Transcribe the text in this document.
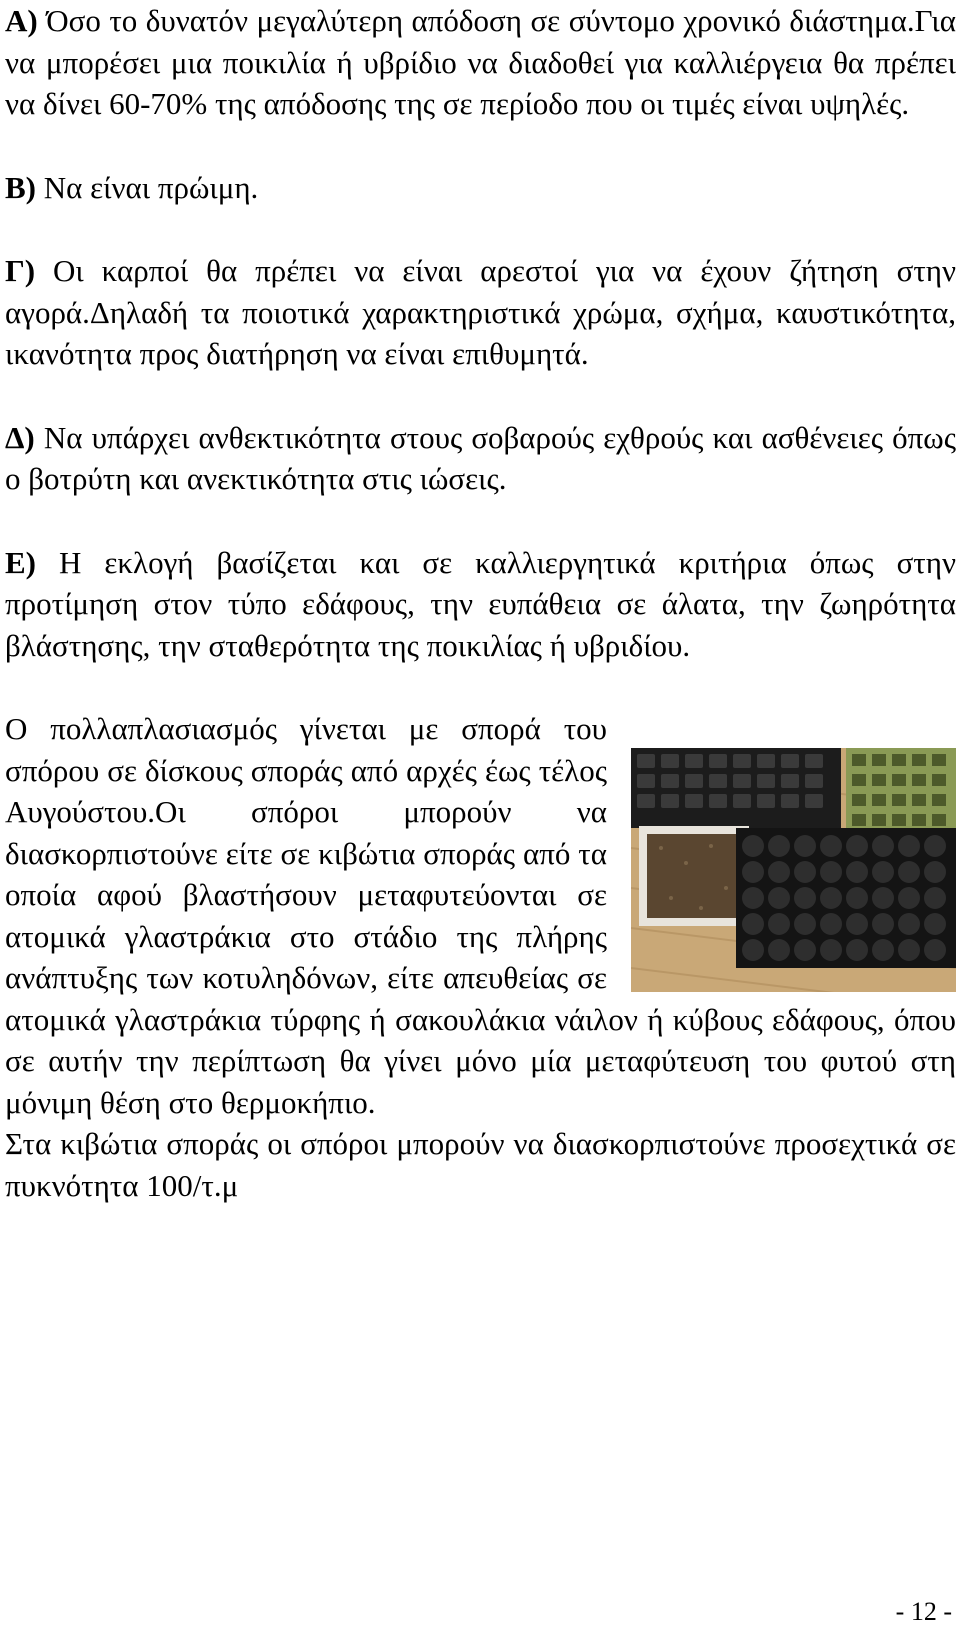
Α) Όσο το δυνατόν μεγαλύτερη απόδοση σε σύντομο χρονικό διάστημα.Για να μπορέσει μια ποικιλία ή υβρίδιο να διαδοθεί για καλλιέργεια θα πρέπει να δίνει 60-70% της απόδοσης της σε περίοδο που οι τιμές είναι υψηλές.

Β) Να είναι πρώιμη.

Γ) Οι καρποί θα πρέπει να είναι αρεστοί για να έχουν ζήτηση στην αγορά.Δηλαδή τα ποιοτικά χαρακτηριστικά χρώμα, σχήμα, καυστικότητα, ικανότητα προς διατήρηση να είναι επιθυμητά.

Δ) Να υπάρχει ανθεκτικότητα στους σοβαρούς εχθρούς και ασθένειες όπως ο βοτρύτη και ανεκτικότητα στις ιώσεις.

Ε) Η εκλογή βασίζεται και σε καλλιεργητικά κριτήρια όπως στην προτίμηση στον τύπο εδάφους, την ευπάθεια σε άλατα, την ζωηρότητα βλάστησης, την σταθερότητα της ποικιλίας ή υβριδίου.

Ο πολλαπλασιασμός γίνεται με σπορά του σπόρου σε δίσκους σποράς από αρχές έως τέλος Αυγούστου.Οι σπόροι μπορούν να διασκορπιστούνε είτε σε κιβώτια σποράς από τα οποία αφού βλαστήσουν μεταφυτεύονται σε ατομικά γλαστράκια στο στάδιο της πλήρης ανάπτυξης των κοτυληδόνων, είτε απευθείας σε ατομικά γλαστράκια τύρφης ή σακουλάκια νάιλον ή κύβους εδάφους, όπου σε αυτήν την περίπτωση θα γίνει μόνο μία μεταφύτευση του φυτού στη μόνιμη θέση στο θερμοκήπιο.

Στα κιβώτια σποράς οι σπόροι μπορούν να διασκορπιστούνε προσεχτικά σε πυκνότητα 100/τ.μ

- 12 -
